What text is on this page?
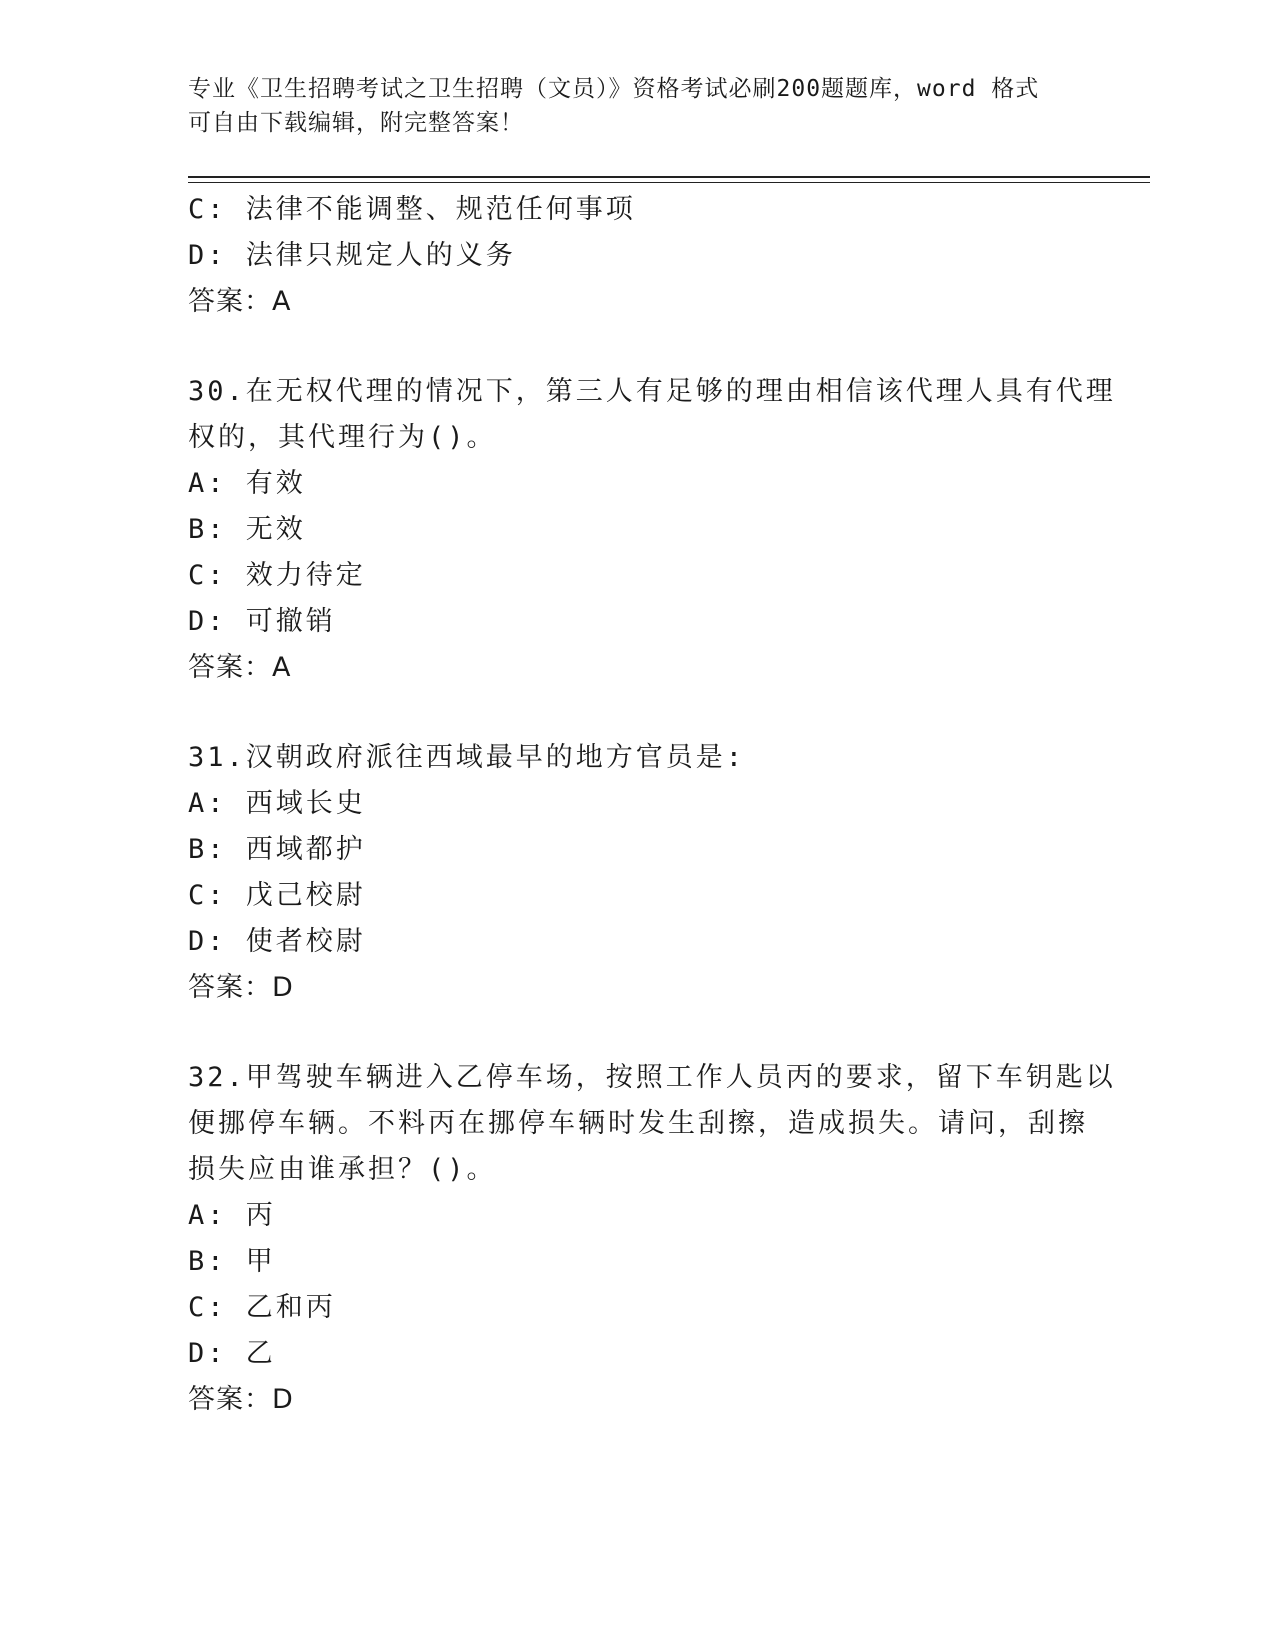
专业《卫生招聘考试之卫生招聘（文员）》资格考试必刷200题题库，word 格式
可自由下载编辑，附完整答案！
C: 法律不能调整、规范任何事项
D: 法律只规定人的义务
答案：A
30.在无权代理的情况下，第三人有足够的理由相信该代理人具有代理
权的，其代理行为()。
A: 有效
B: 无效
C: 效力待定
D: 可撤销
答案：A
31.汉朝政府派往西域最早的地方官员是:
A: 西域长史
B: 西域都护
C: 戊己校尉
D: 使者校尉
答案：D
32.甲驾驶车辆进入乙停车场，按照工作人员丙的要求，留下车钥匙以
便挪停车辆。不料丙在挪停车辆时发生刮擦，造成损失。请问，刮擦
损失应由谁承担？()。
A: 丙
B: 甲
C: 乙和丙
D: 乙
答案：D
